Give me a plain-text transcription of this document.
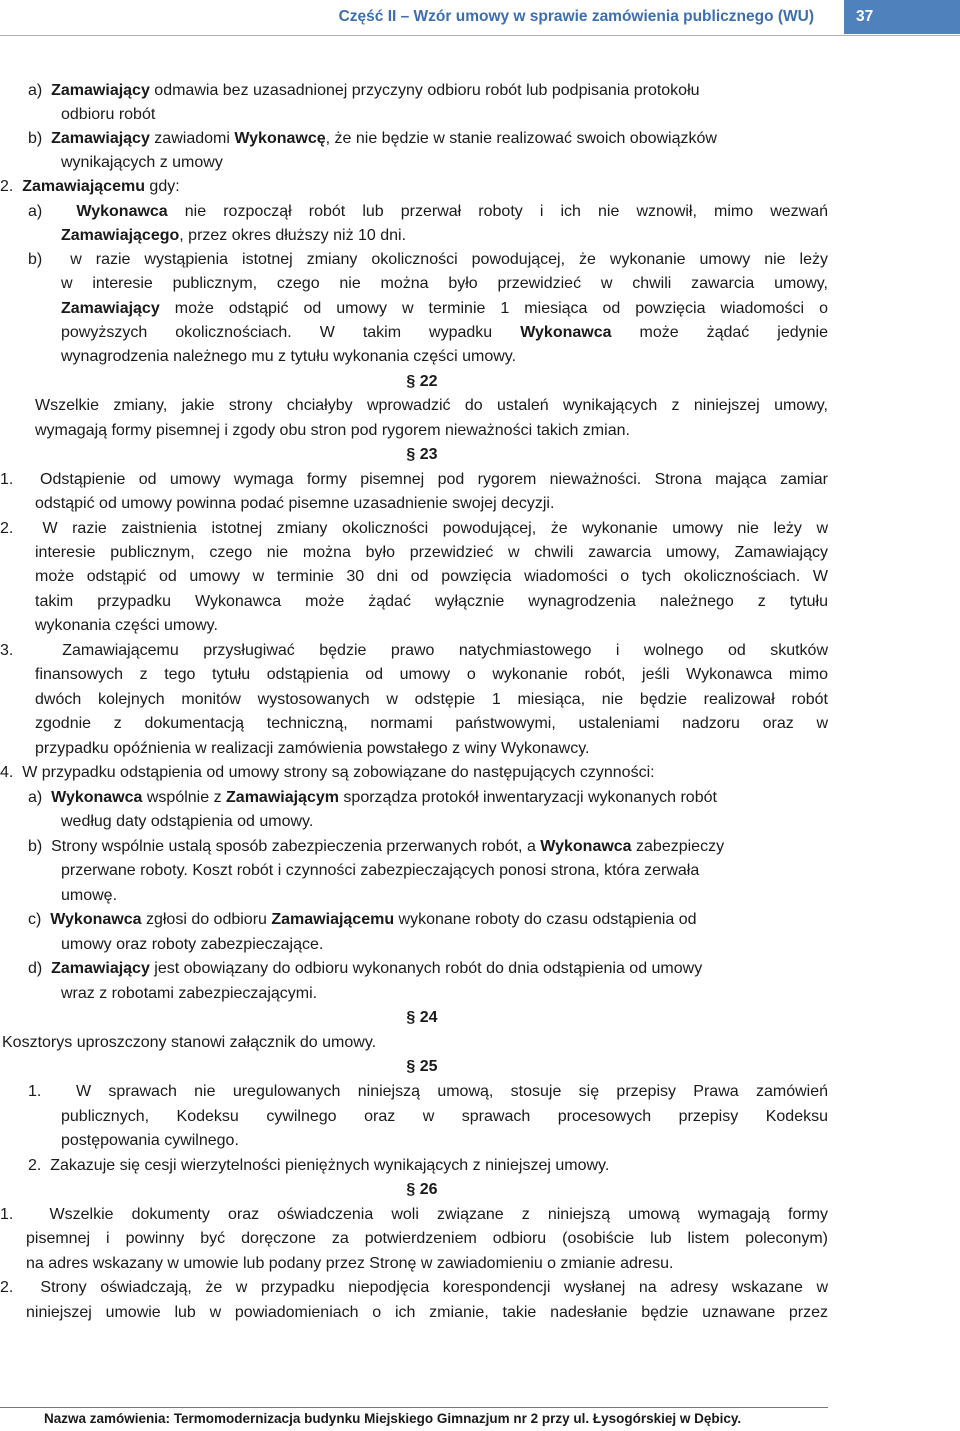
Część II – Wzór umowy w sprawie zamówienia publicznego (WU)	37
a)  Zamawiający odmawia bez uzasadnionej przyczyny odbioru robót lub podpisania protokołu
odbioru robót
b)  Zamawiający zawiadomi Wykonawcę, że nie będzie w stanie realizować swoich obowiązków
wynikających z umowy
2.  Zamawiającemu gdy:
a)  Wykonawca nie rozpoczął robót lub przerwał roboty i ich nie wznowił, mimo wezwań
Zamawiającego, przez okres dłuższy niż 10 dni.
b)  w razie wystąpienia istotnej zmiany okoliczności powodującej, że wykonanie umowy nie leży
w interesie publicznym, czego nie można było przewidzieć w chwili zawarcia umowy,
Zamawiający może odstąpić od umowy w terminie 1 miesiąca od powzięcia wiadomości o
powyższych okolicznościach. W takim wypadku Wykonawca może żądać jedynie
wynagrodzenia należnego mu z tytułu wykonania części umowy.
Wszelkie zmiany, jakie strony chciałyby wprowadzić do ustaleń wynikających z niniejszej umowy,
wymagają formy pisemnej i zgody obu stron pod rygorem nieważności takich zmian.
1.  Odstąpienie od umowy wymaga formy pisemnej pod rygorem nieważności. Strona mająca zamiar
odstąpić od umowy powinna podać pisemne uzasadnienie swojej decyzji.
2.  W razie zaistnienia istotnej zmiany okoliczności powodującej, że wykonanie umowy nie leży w
interesie publicznym, czego nie można było przewidzieć w chwili zawarcia umowy, Zamawiający
może odstąpić od umowy w terminie 30 dni od powzięcia wiadomości o tych okolicznościach. W
takim przypadku Wykonawca może żądać wyłącznie wynagrodzenia należnego z tytułu
wykonania części umowy.
3.  Zamawiającemu przysługiwać będzie prawo natychmiastowego i wolnego od skutków
finansowych z tego tytułu odstąpienia od umowy o wykonanie robót, jeśli Wykonawca mimo
dwóch kolejnych monitów wystosowanych w odstępie 1 miesiąca, nie będzie realizował robót
zgodnie z dokumentacją techniczną, normami państwowymi, ustaleniami nadzoru oraz w
przypadku opóźnienia w realizacji zamówienia powstałego z winy Wykonawcy.
4.  W przypadku odstąpienia od umowy strony są zobowiązane do następujących czynności:
a)  Wykonawca wspólnie z Zamawiającym sporządza protokół inwentaryzacji wykonanych robót
według daty odstąpienia od umowy.
b)  Strony wspólnie ustalą sposób zabezpieczenia przerwanych robót, a Wykonawca zabezpieczy
przerwane roboty. Koszt robót i czynności zabezpieczających ponosi strona, która zerwała
umowę.
c)  Wykonawca zgłosi do odbioru Zamawiającemu wykonane roboty do czasu odstąpienia od
umowy oraz roboty zabezpieczające.
d)  Zamawiający jest obowiązany do odbioru wykonanych robót do dnia odstąpienia od umowy
wraz z robotami zabezpieczającymi.
Kosztorys uproszczony stanowi załącznik do umowy.
1.  W sprawach nie uregulowanych niniejszą umową, stosuje się przepisy Prawa zamówień
publicznych, Kodeksu cywilnego oraz w sprawach procesowych przepisy Kodeksu
postępowania cywilnego.
2.  Zakazuje się cesji wierzytelności pieniężnych wynikających z niniejszej umowy.
1.  Wszelkie dokumenty oraz oświadczenia woli związane z niniejszą umową wymagają formy
pisemnej i powinny być doręczone za potwierdzeniem odbioru (osobiście lub listem poleconym)
na adres wskazany w umowie lub podany przez Stronę w zawiadomieniu o zmianie adresu.
2.  Strony oświadczają, że w przypadku niepodjęcia korespondencji wysłanej na adresy wskazane w
niniejszej umowie lub w powiadomieniach o ich zmianie, takie nadesłanie będzie uznawane przez
§ 22
§ 23
§ 24
§ 25
§ 26
Nazwa zamówienia: Termomodernizacja budynku Miejskiego Gimnazjum nr 2 przy ul. Łysogórskiej w Dębicy.
